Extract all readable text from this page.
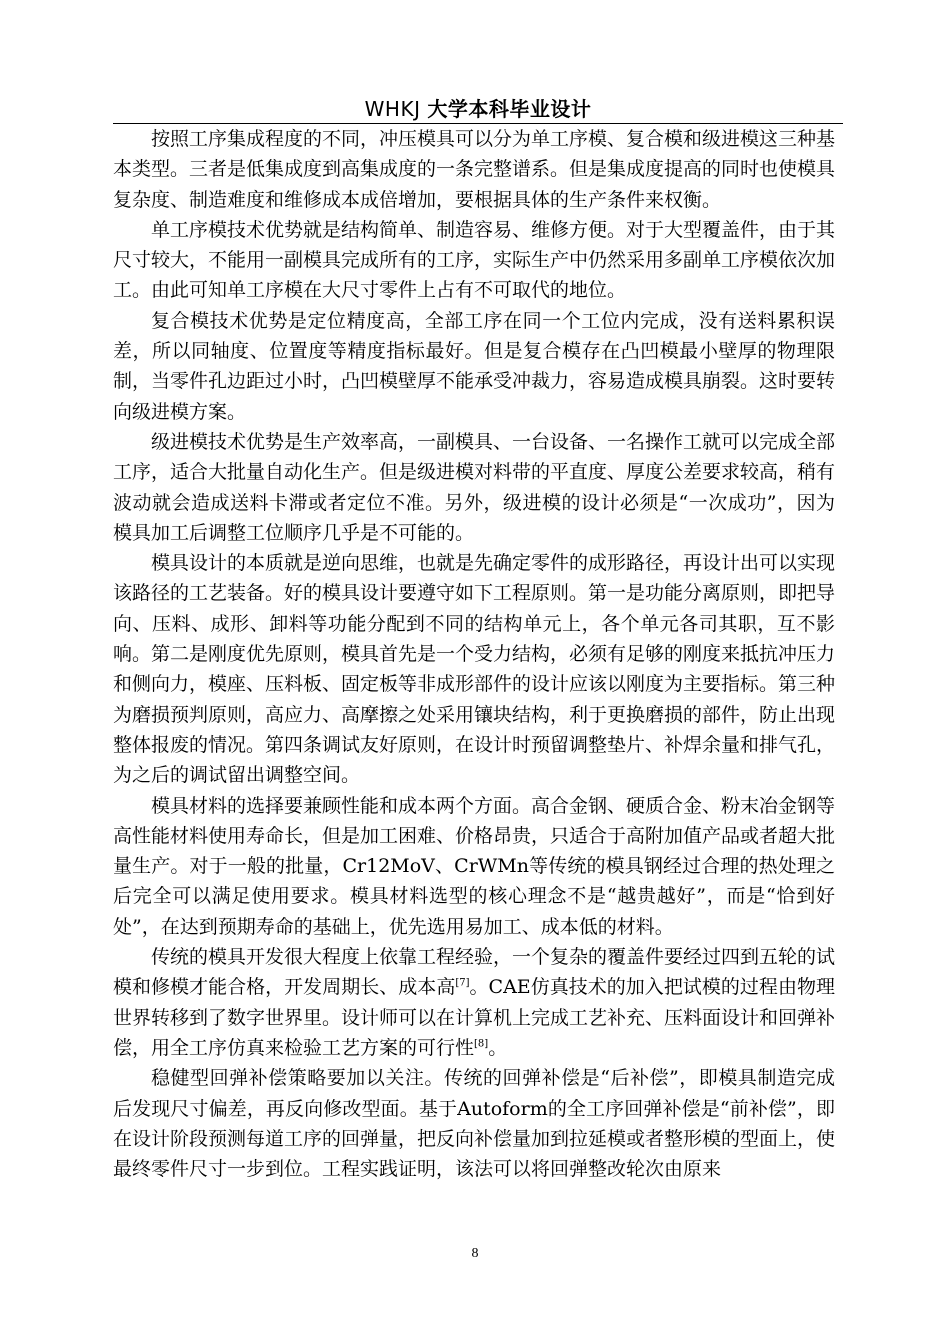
WHKJ 大学本科毕业设计

按照工序集成程度的不同，冲压模具可以分为单工序模、复合模和级进模这三种基本类型。三者是低集成度到高集成度的一条完整谱系。但是集成度提高的同时也使模具复杂度、制造难度和维修成本成倍增加，要根据具体的生产条件来权衡。

单工序模技术优势就是结构简单、制造容易、维修方便。对于大型覆盖件，由于其尺寸较大，不能用一副模具完成所有的工序，实际生产中仍然采用多副单工序模依次加工。由此可知单工序模在大尺寸零件上占有不可取代的地位。

复合模技术优势是定位精度高，全部工序在同一个工位内完成，没有送料累积误差，所以同轴度、位置度等精度指标最好。但是复合模存在凸凹模最小壁厚的物理限制，当零件孔边距过小时，凸凹模壁厚不能承受冲裁力，容易造成模具崩裂。这时要转向级进模方案。

级进模技术优势是生产效率高，一副模具、一台设备、一名操作工就可以完成全部工序，适合大批量自动化生产。但是级进模对料带的平直度、厚度公差要求较高，稍有波动就会造成送料卡滞或者定位不准。另外，级进模的设计必须是“一次成功”，因为模具加工后调整工位顺序几乎是不可能的。

模具设计的本质就是逆向思维，也就是先确定零件的成形路径，再设计出可以实现该路径的工艺装备。好的模具设计要遵守如下工程原则。第一是功能分离原则，即把导向、压料、成形、卸料等功能分配到不同的结构单元上，各个单元各司其职，互不影响。第二是刚度优先原则，模具首先是一个受力结构，必须有足够的刚度来抵抗冲压力和侧向力，模座、压料板、固定板等非成形部件的设计应该以刚度为主要指标。第三种为磨损预判原则，高应力、高摩擦之处采用镶块结构，利于更换磨损的部件，防止出现整体报废的情况。第四条调试友好原则，在设计时预留调整垫片、补焊余量和排气孔，为之后的调试留出调整空间。

模具材料的选择要兼顾性能和成本两个方面。高合金钢、硬质合金、粉末冶金钢等高性能材料使用寿命长，但是加工困难、价格昂贵，只适合于高附加值产品或者超大批量生产。对于一般的批量，Cr12MoV、CrWMn等传统的模具钢经过合理的热处理之后完全可以满足使用要求。模具材料选型的核心理念不是“越贵越好”，而是“恰到好处”，在达到预期寿命的基础上，优先选用易加工、成本低的材料。

传统的模具开发很大程度上依靠工程经验，一个复杂的覆盖件要经过四到五轮的试模和修模才能合格，开发周期长、成本高[7]。CAE仿真技术的加入把试模的过程由物理世界转移到了数字世界里。设计师可以在计算机上完成工艺补充、压料面设计和回弹补偿，用全工序仿真来检验工艺方案的可行性[8]。

稳健型回弹补偿策略要加以关注。传统的回弹补偿是“后补偿”，即模具制造完成后发现尺寸偏差，再反向修改型面。基于Autoform的全工序回弹补偿是“前补偿”，即在设计阶段预测每道工序的回弹量，把反向补偿量加到拉延模或者整形模的型面上，使最终零件尺寸一步到位。工程实践证明，该法可以将回弹整改轮次由原来

8
